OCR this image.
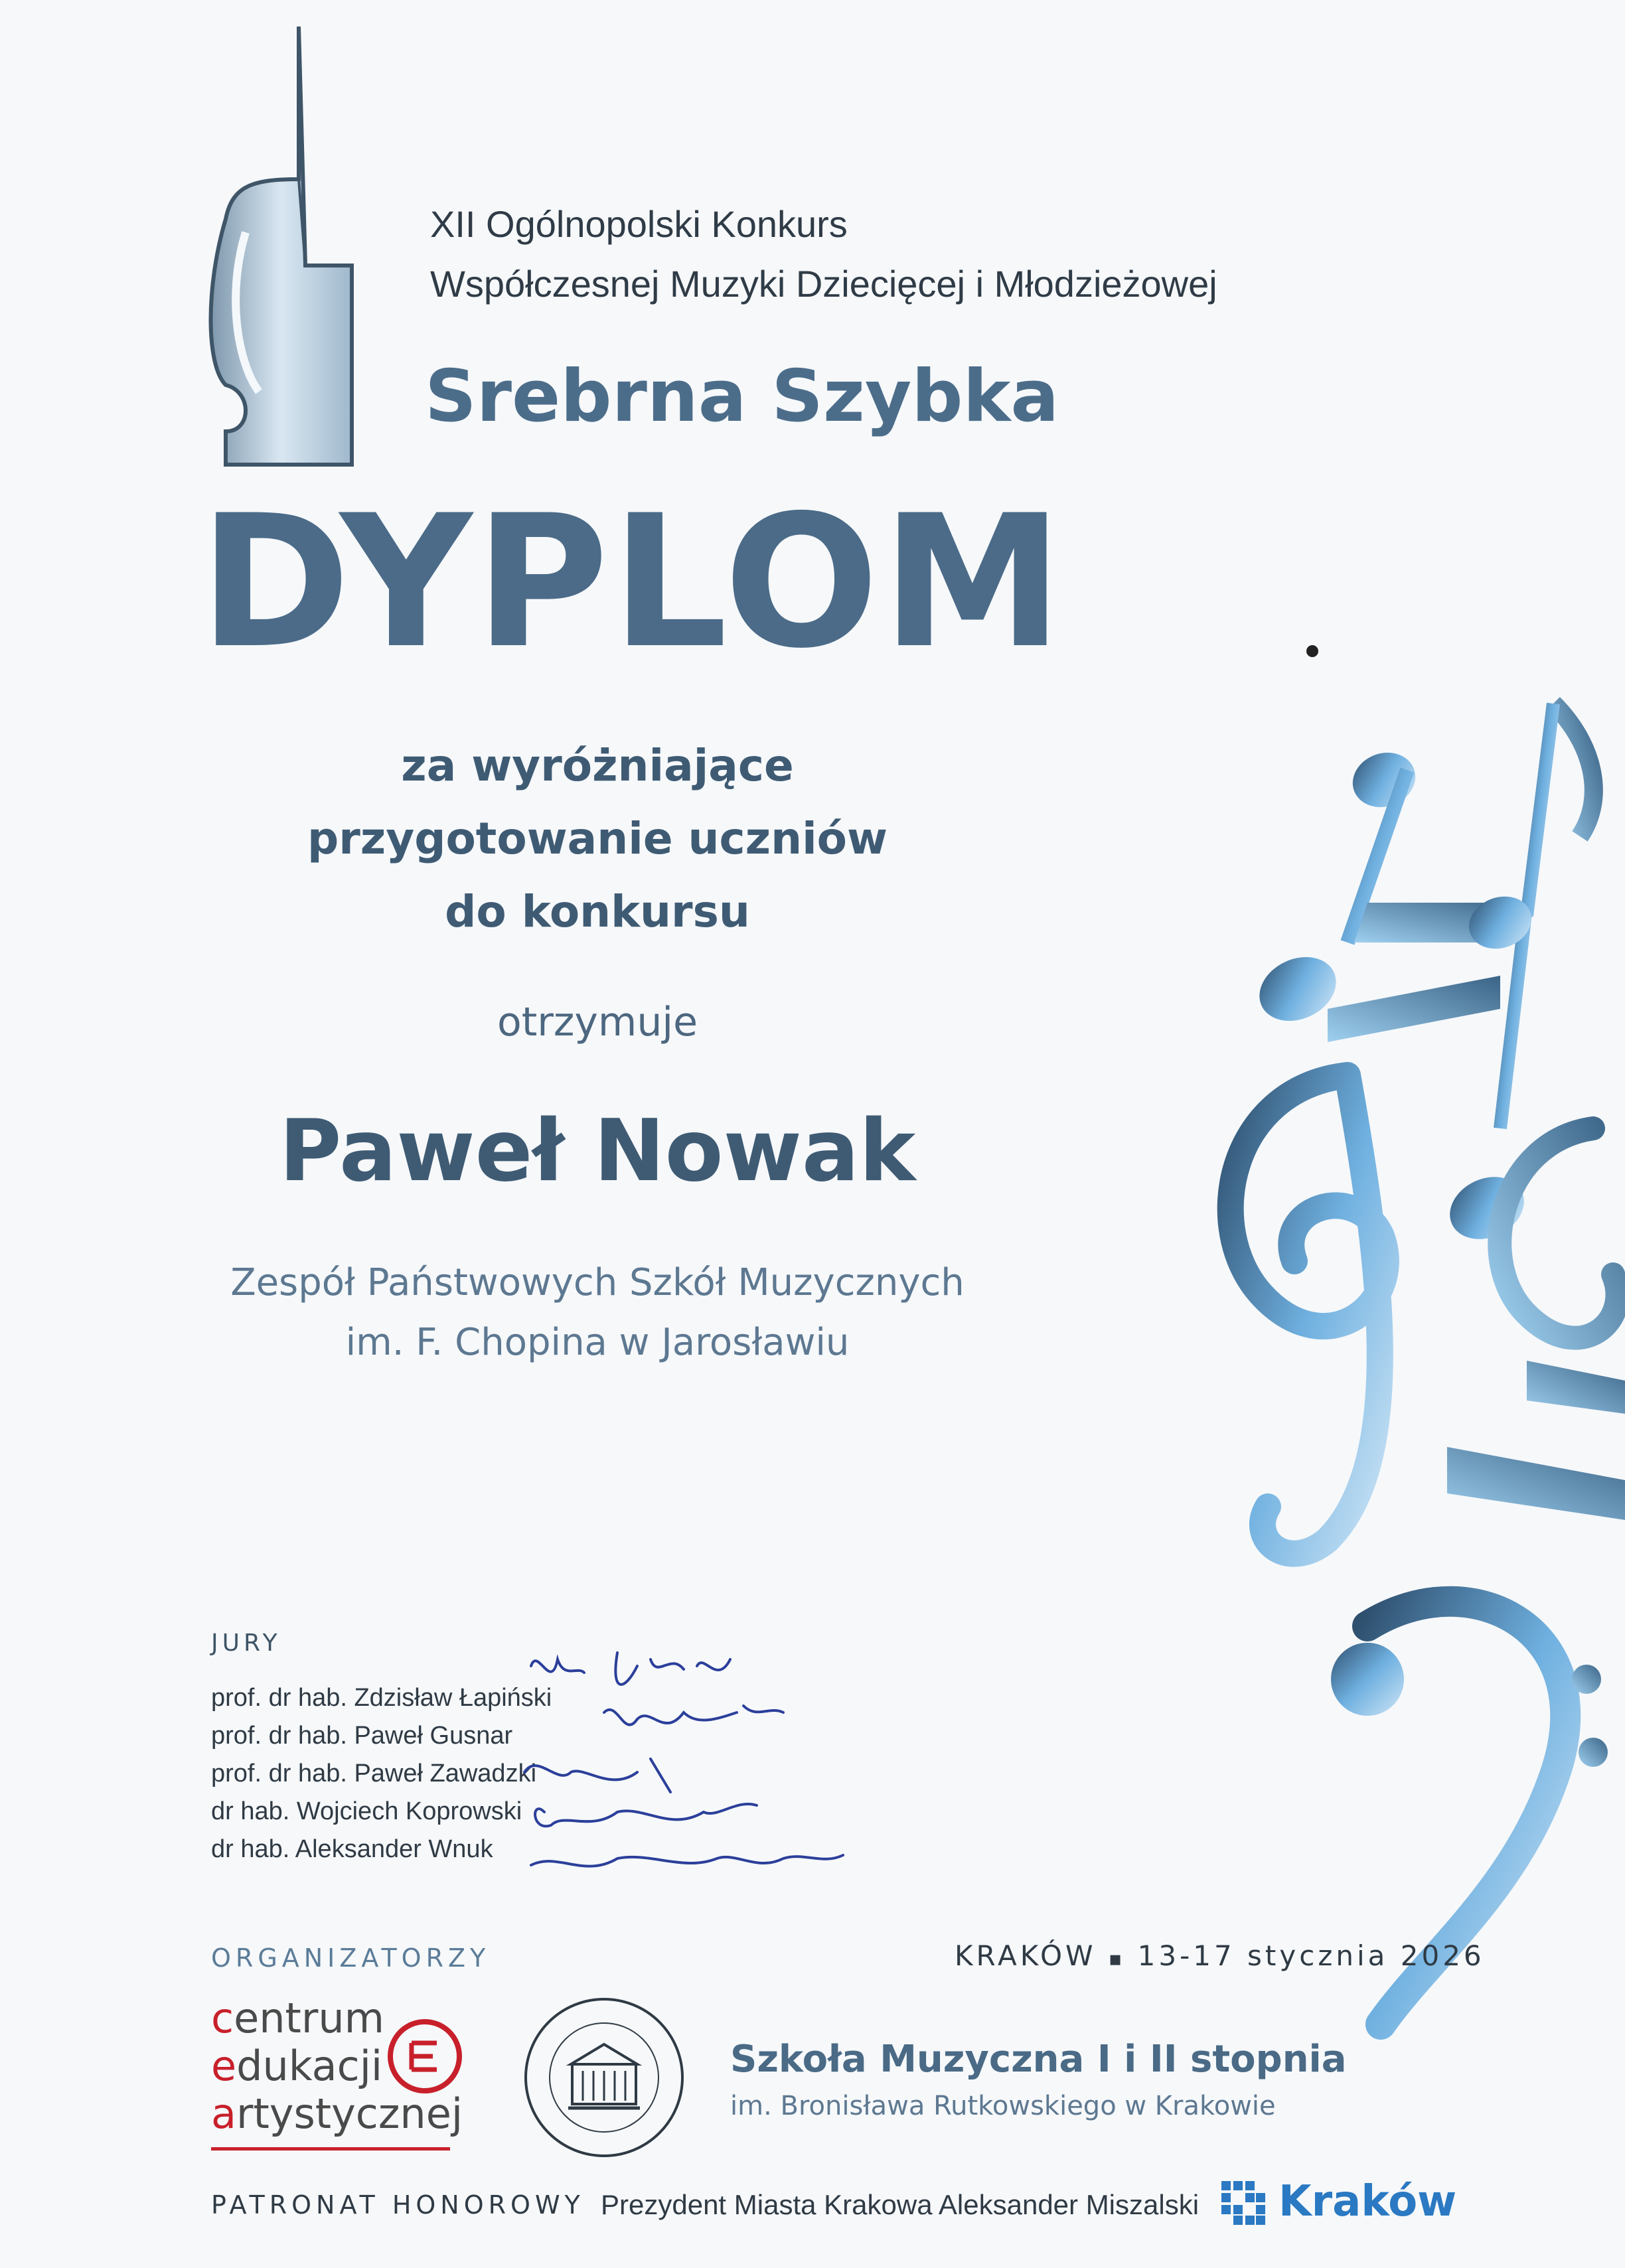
XII Ogólnopolski Konkurs
Współczesnej Muzyki Dziecięcej i Młodzieżowej
Srebrna Szybka
DYPLOM
za wyróżniające
przygotowanie uczniów
do konkursu
otrzymuje
Paweł Nowak
Zespół Państwowych Szkół Muzycznych
im. F. Chopina w Jarosławiu
JURY
prof. dr hab. Zdzisław Łapiński
prof. dr hab. Paweł Gusnar
prof. dr hab. Paweł Zawadzki
dr hab. Wojciech Koprowski
dr hab. Aleksander Wnuk
ORGANIZATORZY	KRAKÓW ▪ 13-17 stycznia 2026
centrum
edukacji
artystycznej
Szkoła Muzyczna I i II stopnia
im. Bronisława Rutkowskiego w Krakowie
PATRONAT HONOROWY Prezydent Miasta Krakowa Aleksander Miszalski Kraków
